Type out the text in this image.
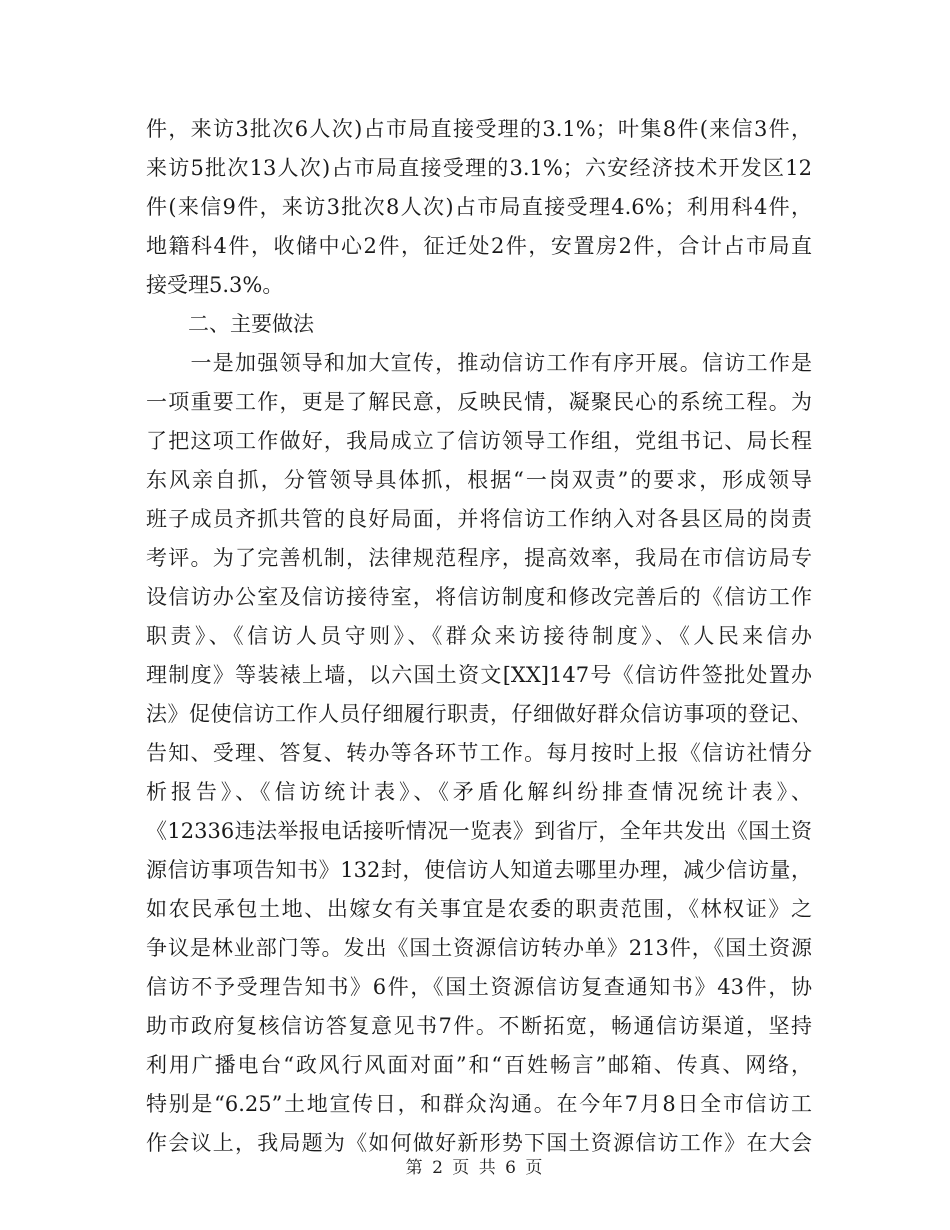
件，来访3批次6人次)占市局直接受理的3.1%；叶集8件(来信3件，
来访5批次13人次)占市局直接受理的3.1%；六安经济技术开发区12
件(来信9件，来访3批次8人次)占市局直接受理4.6%；利用科4件，
地籍科4件，收储中心2件，征迁处2件，安置房2件，合计占市局直
接受理5.3%。
　　二、主要做法
　　一是加强领导和加大宣传，推动信访工作有序开展。信访工作是
一项重要工作，更是了解民意，反映民情，凝聚民心的系统工程。为
了把这项工作做好，我局成立了信访领导工作组，党组书记、局长程
东风亲自抓，分管领导具体抓，根据“一岗双责”的要求，形成领导
班子成员齐抓共管的良好局面，并将信访工作纳入对各县区局的岗责
考评。为了完善机制，法律规范程序，提高效率，我局在市信访局专
设信访办公室及信访接待室，将信访制度和修改完善后的《信访工作
职责》、《信访人员守则》、《群众来访接待制度》、《人民来信办
理制度》等装裱上墙，以六国土资文[XX]147号《信访件签批处置办
法》促使信访工作人员仔细履行职责，仔细做好群众信访事项的登记、
告知、受理、答复、转办等各环节工作。每月按时上报《信访社情分
析报告》、《信访统计表》、《矛盾化解纠纷排查情况统计表》、
《12336违法举报电话接听情况一览表》到省厅，全年共发出《国土资
源信访事项告知书》132封，使信访人知道去哪里办理，减少信访量，
如农民承包土地、出嫁女有关事宜是农委的职责范围，《林权证》之
争议是林业部门等。发出《国土资源信访转办单》213件，《国土资源
信访不予受理告知书》6件，《国土资源信访复查通知书》43件，协
助市政府复核信访答复意见书7件。不断拓宽，畅通信访渠道，坚持
利用广播电台“政风行风面对面”和“百姓畅言”邮箱、传真、网络，
特别是“6.25”土地宣传日，和群众沟通。在今年7月8日全市信访工
作会议上，我局题为《如何做好新形势下国土资源信访工作》在大会
第 2 页 共 6 页
